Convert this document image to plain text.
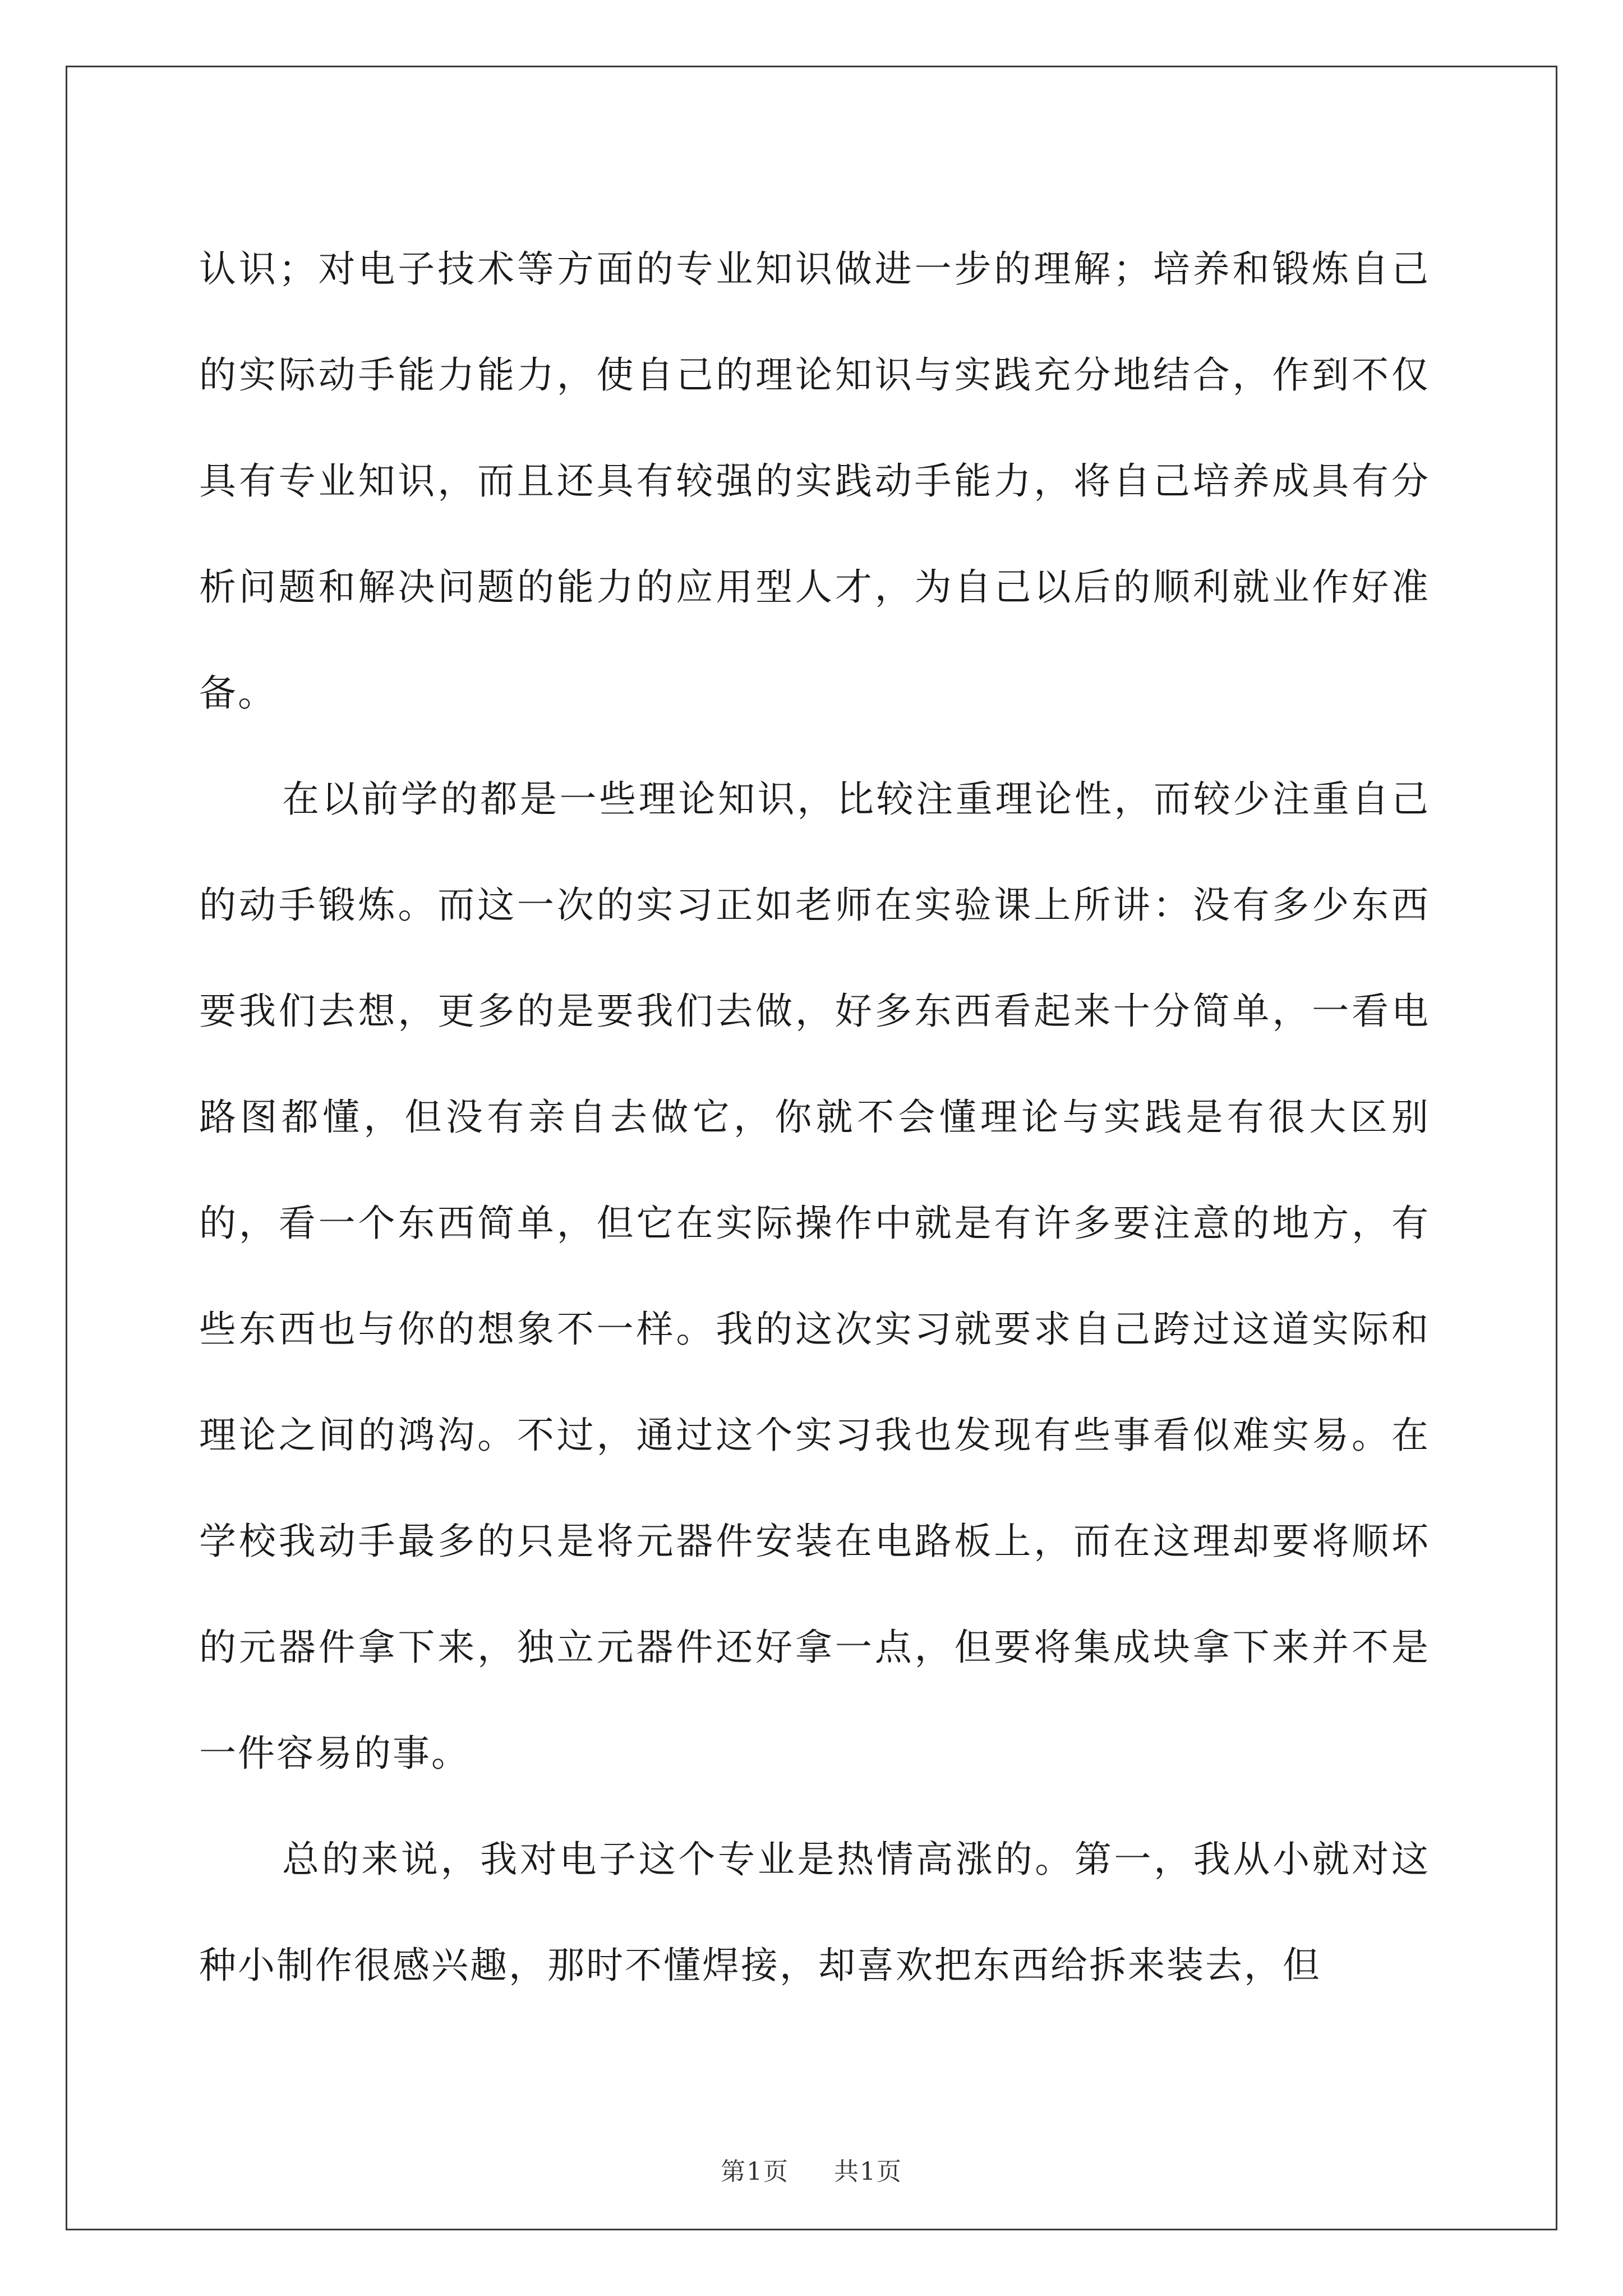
认识；对电子技术等方面的专业知识做进一步的理解；培养和锻炼自己的实际动手能力能力，使自己的理论知识与实践充分地结合，作到不仅具有专业知识，而且还具有较强的实践动手能力，将自己培养成具有分析问题和解决问题的能力的应用型人才，为自己以后的顺利就业作好准备。

在以前学的都是一些理论知识，比较注重理论性，而较少注重自己的动手锻炼。而这一次的实习正如老师在实验课上所讲：没有多少东西要我们去想，更多的是要我们去做，好多东西看起来十分简单，一看电路图都懂，但没有亲自去做它，你就不会懂理论与实践是有很大区别的，看一个东西简单，但它在实际操作中就是有许多要注意的地方，有些东西也与你的想象不一样。我的这次实习就要求自己跨过这道实际和理论之间的鸿沟。不过，通过这个实习我也发现有些事看似难实易。在学校我动手最多的只是将元器件安装在电路板上，而在这理却要将顺坏的元器件拿下来，独立元器件还好拿一点，但要将集成块拿下来并不是一件容易的事。

总的来说，我对电子这个专业是热情高涨的。第一，我从小就对这种小制作很感兴趣，那时不懂焊接，却喜欢把东西给拆来装去，但

第1页 共1页
